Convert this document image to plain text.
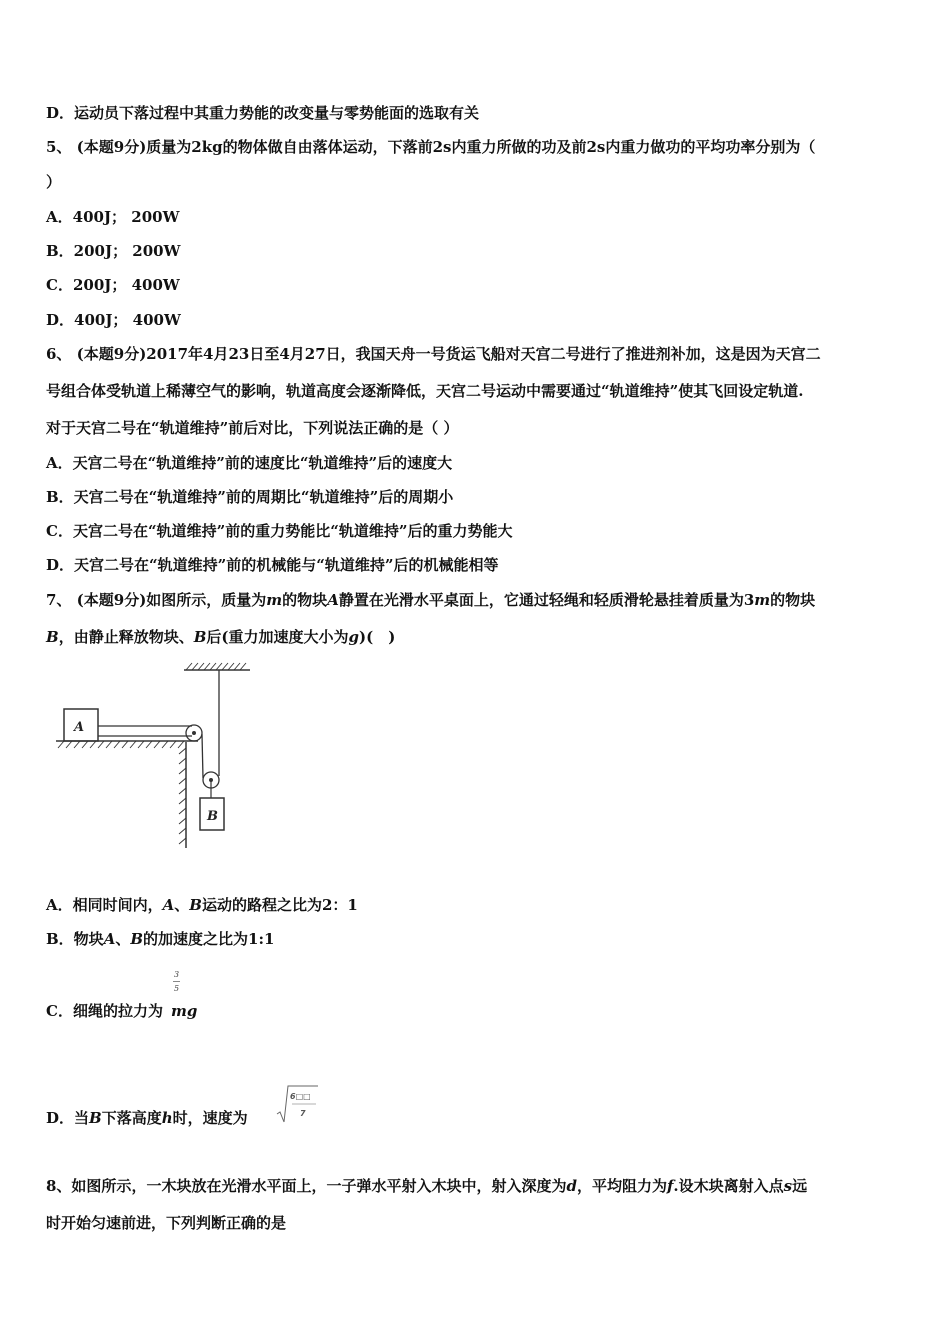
D．运动员下落过程中其重力势能的改变量与零势能面的选取有关
5、 (本题9分)质量为2kg的物体做自由落体运动，下落前2s内重力所做的功及前2s内重力做功的平均功率分别为（
）
A．400J； 200W
B．200J； 200W
C．200J； 400W
D．400J； 400W
6、 (本题9分)2017年4月23日至4月27日，我国天舟一号货运飞船对天宫二号进行了推进剂补加，这是因为天宫二
号组合体受轨道上稀薄空气的影响，轨道高度会逐渐降低，天宫二号运动中需要通过“轨道维持”使其飞回设定轨道.
对于天宫二号在“轨道维持”前后对比，下列说法正确的是（ ）
A．天宫二号在“轨道维持”前的速度比“轨道维持”后的速度大
B．天宫二号在“轨道维持”前的周期比“轨道维持”后的周期小
C．天宫二号在“轨道维持”前的重力势能比“轨道维持”后的重力势能大
D．天宫二号在“轨道维持”前的机械能与“轨道维持”后的机械能相等
7、 (本题9分)如图所示，质量为m的物块A静置在光滑水平桌面上，它通过轻绳和轻质滑轮悬挂着质量为3m的物块
B，由静止释放物块、B后(重力加速度大小为g)(　)
A
B
A．相同时间内，A、B运动的路程之比为2：1
B．物块A、B的加速度之比为1:1
3
5
C．细绳的拉力为 mg
D．当B下落高度h时，速度为
6□□
7
8、如图所示，一木块放在光滑水平面上，一子弹水平射入木块中，射入深度为d，平均阻力为f.设木块离射入点s远
时开始匀速前进，下列判断正确的是
